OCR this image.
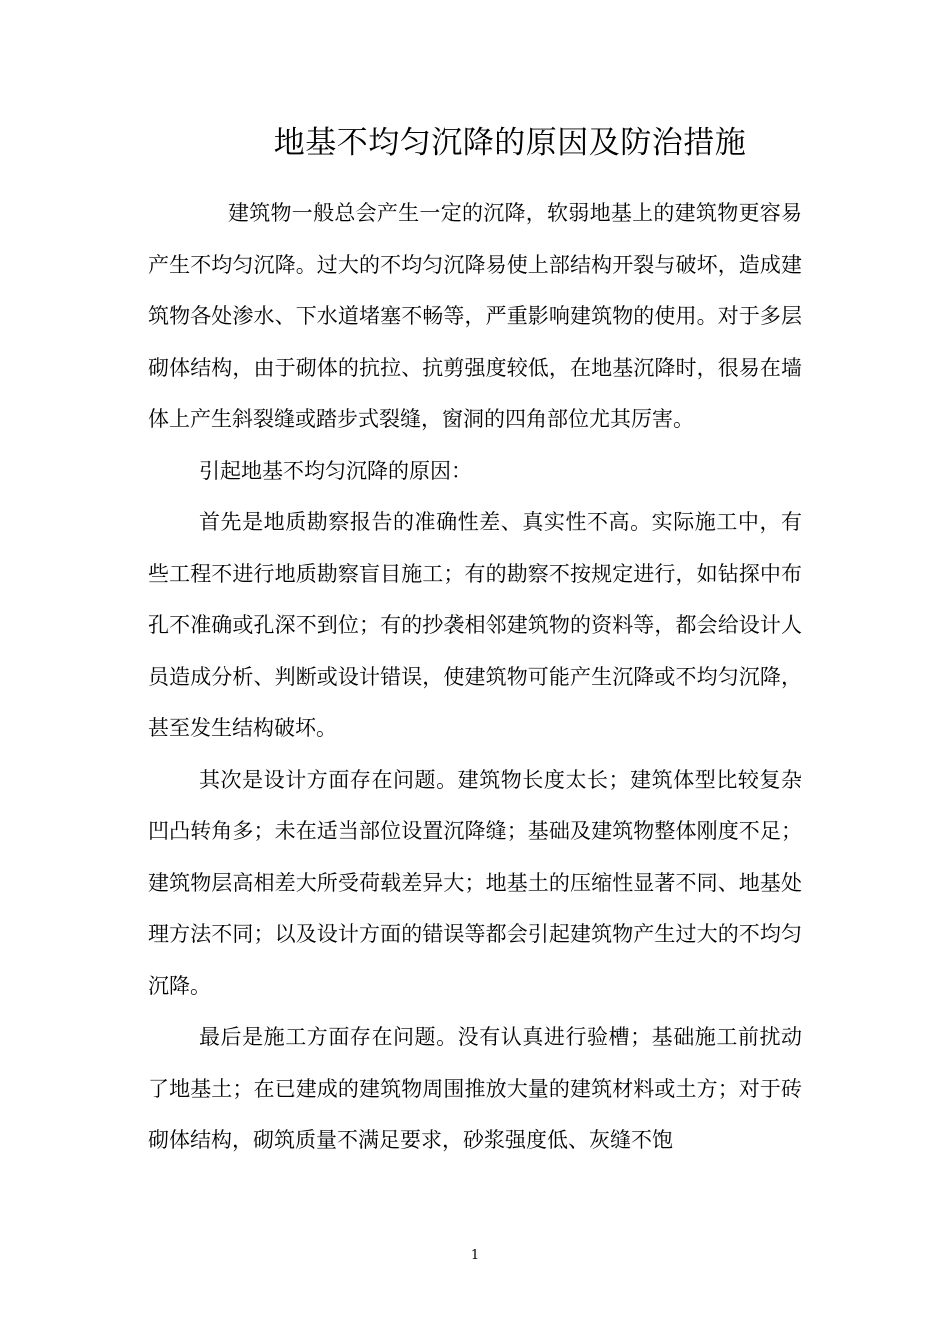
地基不均匀沉降的原因及防治措施

建筑物一般总会产生一定的沉降，软弱地基上的建筑物更容易产生不均匀沉降。过大的不均匀沉降易使上部结构开裂与破坏，造成建筑物各处渗水、下水道堵塞不畅等，严重影响建筑物的使用。对于多层砌体结构，由于砌体的抗拉、抗剪强度较低，在地基沉降时，很易在墙体上产生斜裂缝或踏步式裂缝，窗洞的四角部位尤其厉害。

引起地基不均匀沉降的原因：

首先是地质勘察报告的准确性差、真实性不高。实际施工中，有些工程不进行地质勘察盲目施工；有的勘察不按规定进行，如钻探中布孔不准确或孔深不到位；有的抄袭相邻建筑物的资料等，都会给设计人员造成分析、判断或设计错误，使建筑物可能产生沉降或不均匀沉降，甚至发生结构破坏。

其次是设计方面存在问题。建筑物长度太长；建筑体型比较复杂凹凸转角多；未在适当部位设置沉降缝；基础及建筑物整体刚度不足；建筑物层高相差大所受荷载差异大；地基土的压缩性显著不同、地基处理方法不同；以及设计方面的错误等都会引起建筑物产生过大的不均匀沉降。

最后是施工方面存在问题。没有认真进行验槽；基础施工前扰动了地基土；在已建成的建筑物周围推放大量的建筑材料或土方；对于砖砌体结构，砌筑质量不满足要求，砂浆强度低、灰缝不饱

1
